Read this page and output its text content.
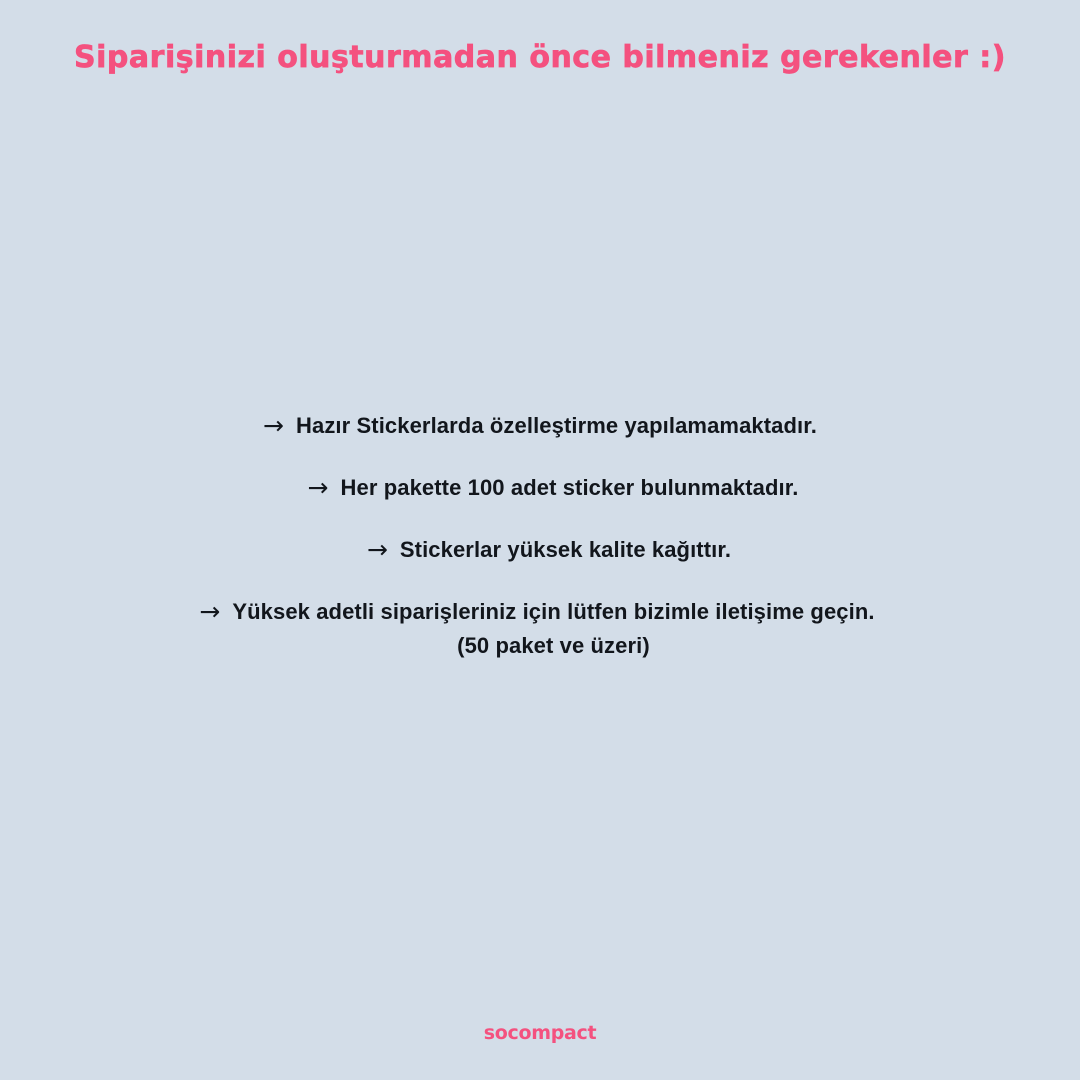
Siparişinizi oluşturmadan önce bilmeniz gerekenler :)
→ Hazır Stickerlarda özelleştirme yapılamamaktadır.
→ Her pakette 100 adet sticker bulunmaktadır.
→ Stickerlar yüksek kalite kağıttır.
→ Yüksek adetli siparişleriniz için lütfen bizimle iletişime geçin.
(50 paket ve üzeri)
socompact
